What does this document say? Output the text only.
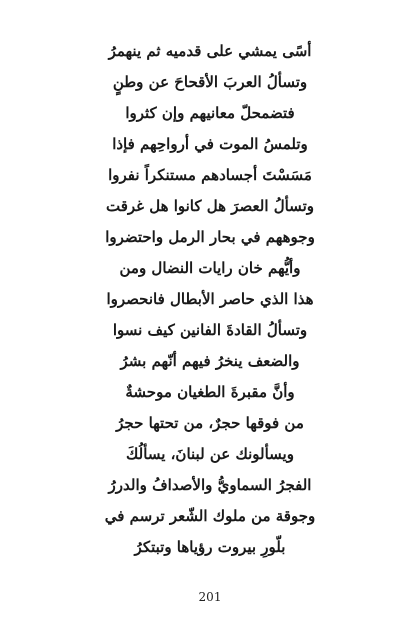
أسًى يمشي على قدميه ثم ينهمرُ
وتسألُ العربَ الأقحاحَ عن وطنٍ
فتضمحلّ معانيهم وإن كثروا
وتلمسُ الموت في أرواحِهم فإذا
مَسَسْتَ أجسادهم مستنكراً نفروا
وتسألُ العصرَ هل كانوا هل غرقت
وجوههم في بحار الرمل واحتضروا
وأيُّهم خان رايات النضال ومن
هذا الذي حاصر الأبطال فانحصروا
وتسألُ القادةَ الفانين كيف نسوا
والضعف ينخرُ فيهم أنّهم بشرُ
وأنَّ مقبرةَ الطغيان موحشةٌ
من فوقها حجرٌ، من تحتها حجرُ
ويسألونك عن لبنانَ، يسألُكَ
الفجرُ السماويُّ والأصدافُ والدررُ
وجوقة من ملوك الشّعر ترسم في
بلّورِ بيروت رؤياها وتبتكرُ
201
